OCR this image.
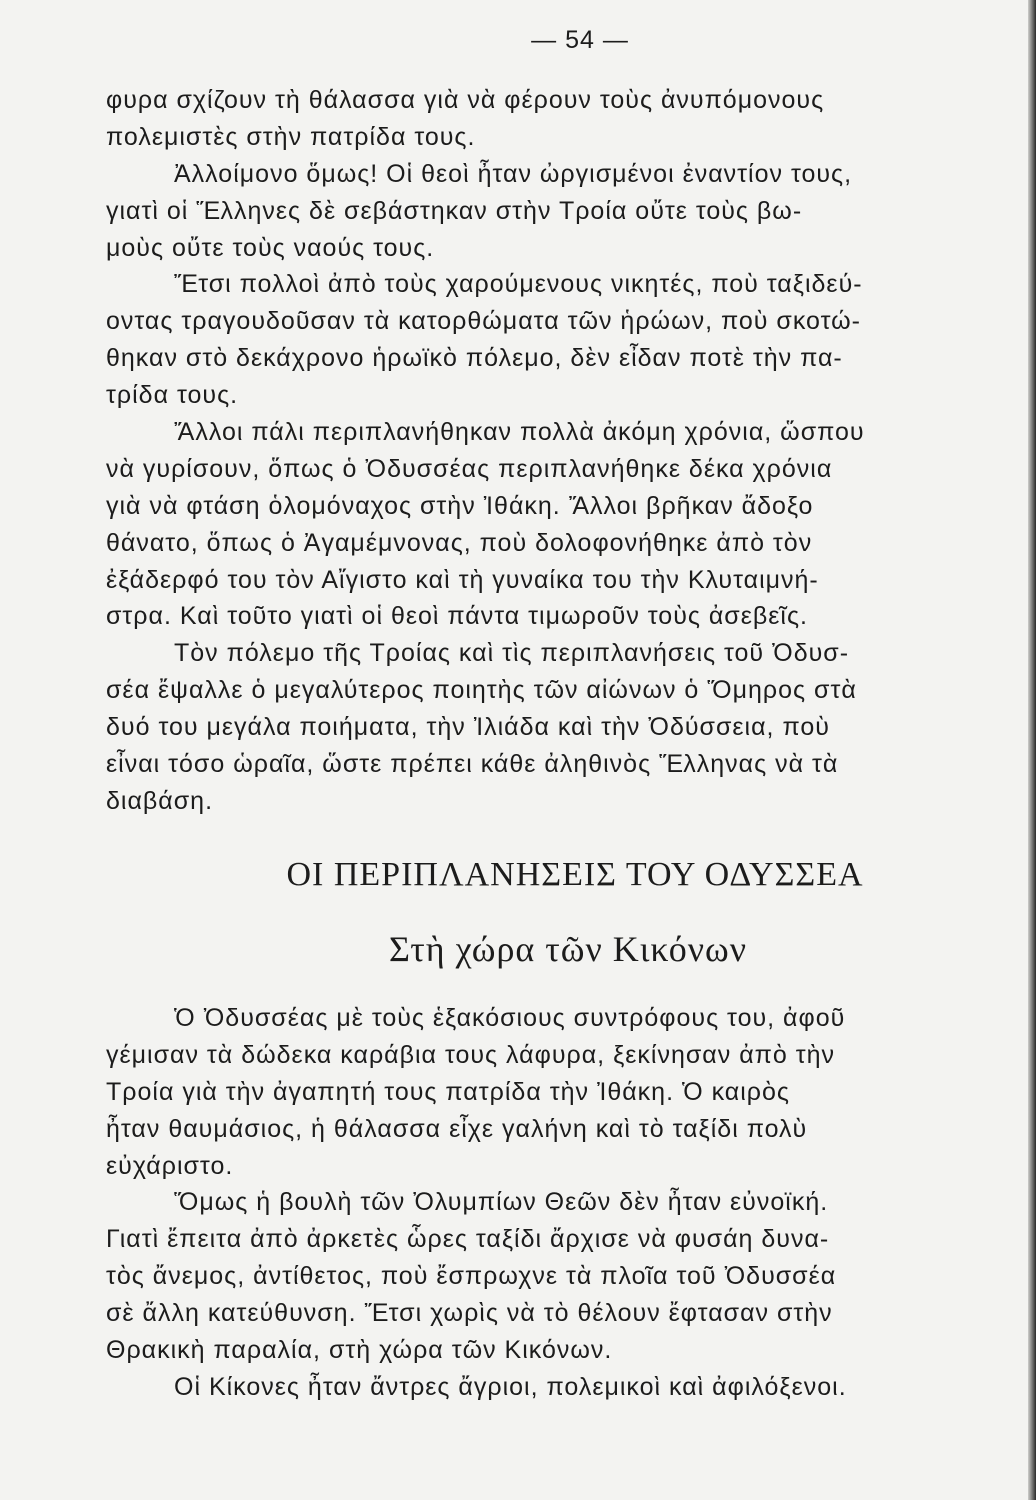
— 54 —
φυρα σχίζουν τὴ θάλασσα γιὰ νὰ φέρουν τοὺς ἀνυπόμονους
πολεμιστὲς στὴν πατρίδα τους.
Ἀλλοίμονο ὅμως! Οἱ θεοὶ ἦταν ὠργισμένοι ἐναντίον τους,
γιατὶ οἱ Ἕλληνες δὲ σεβάστηκαν στὴν Τροία οὔτε τοὺς βω-
μοὺς οὔτε τοὺς ναούς τους.
Ἔτσι πολλοὶ ἀπὸ τοὺς χαρούμενους νικητές, ποὺ ταξιδεύ-
οντας τραγουδοῦσαν τὰ κατορθώματα τῶν ἡρώων, ποὺ σκοτώ-
θηκαν στὸ δεκάχρονο ἡρωϊκὸ πόλεμο, δὲν εἶδαν ποτὲ τὴν πα-
τρίδα τους.
Ἄλλοι πάλι περιπλανήθηκαν πολλὰ ἀκόμη χρόνια, ὥσπου
νὰ γυρίσουν, ὅπως ὁ Ὀδυσσέας περιπλανήθηκε δέκα χρόνια
γιὰ νὰ φτάση ὁλομόναχος στὴν Ἰθάκη. Ἄλλοι βρῆκαν ἄδοξο
θάνατο, ὅπως ὁ Ἀγαμέμνονας, ποὺ δολοφονήθηκε ἀπὸ τὸν
ἐξάδερφό του τὸν Αἴγιστο καὶ τὴ γυναίκα του τὴν Κλυταιμνή-
στρα. Καὶ τοῦτο γιατὶ οἱ θεοὶ πάντα τιμωροῦν τοὺς ἀσεβεῖς.
Τὸν πόλεμο τῆς Τροίας καὶ τὶς περιπλανήσεις τοῦ Ὀδυσ-
σέα ἔψαλλε ὁ μεγαλύτερος ποιητὴς τῶν αἰώνων ὁ Ὅμηρος στὰ
δυό του μεγάλα ποιήματα, τὴν Ἰλιάδα καὶ τὴν Ὀδύσσεια, ποὺ
εἶναι τόσο ὡραῖα, ὥστε πρέπει κάθε ἀληθινὸς Ἕλληνας νὰ τὰ
διαβάση.
ΟΙ ΠΕΡΙΠΛΑΝΗΣΕΙΣ ΤΟΥ ΟΔΥΣΣΕΑ
Στὴ χώρα τῶν Κικόνων
Ὁ Ὀδυσσέας μὲ τοὺς ἑξακόσιους συντρόφους του, ἀφοῦ
γέμισαν τὰ δώδεκα καράβια τους λάφυρα, ξεκίνησαν ἀπὸ τὴν
Τροία γιὰ τὴν ἀγαπητή τους πατρίδα τὴν Ἰθάκη. Ὁ καιρὸς
ἦταν θαυμάσιος, ἡ θάλασσα εἶχε γαλήνη καὶ τὸ ταξίδι πολὺ
εὐχάριστο.
Ὅμως ἡ βουλὴ τῶν Ὀλυμπίων Θεῶν δὲν ἦταν εὐνοϊκή.
Γιατὶ ἔπειτα ἀπὸ ἀρκετὲς ὧρες ταξίδι ἄρχισε νὰ φυσάη δυνα-
τὸς ἄνεμος, ἀντίθετος, ποὺ ἔσπρωχνε τὰ πλοῖα τοῦ Ὀδυσσέα
σὲ ἄλλη κατεύθυνση. Ἔτσι χωρὶς νὰ τὸ θέλουν ἔφτασαν στὴν
Θρακικὴ παραλία, στὴ χώρα τῶν Κικόνων.
Οἱ Κίκονες ἦταν ἄντρες ἄγριοι, πολεμικοὶ καὶ ἀφιλόξενοι.
